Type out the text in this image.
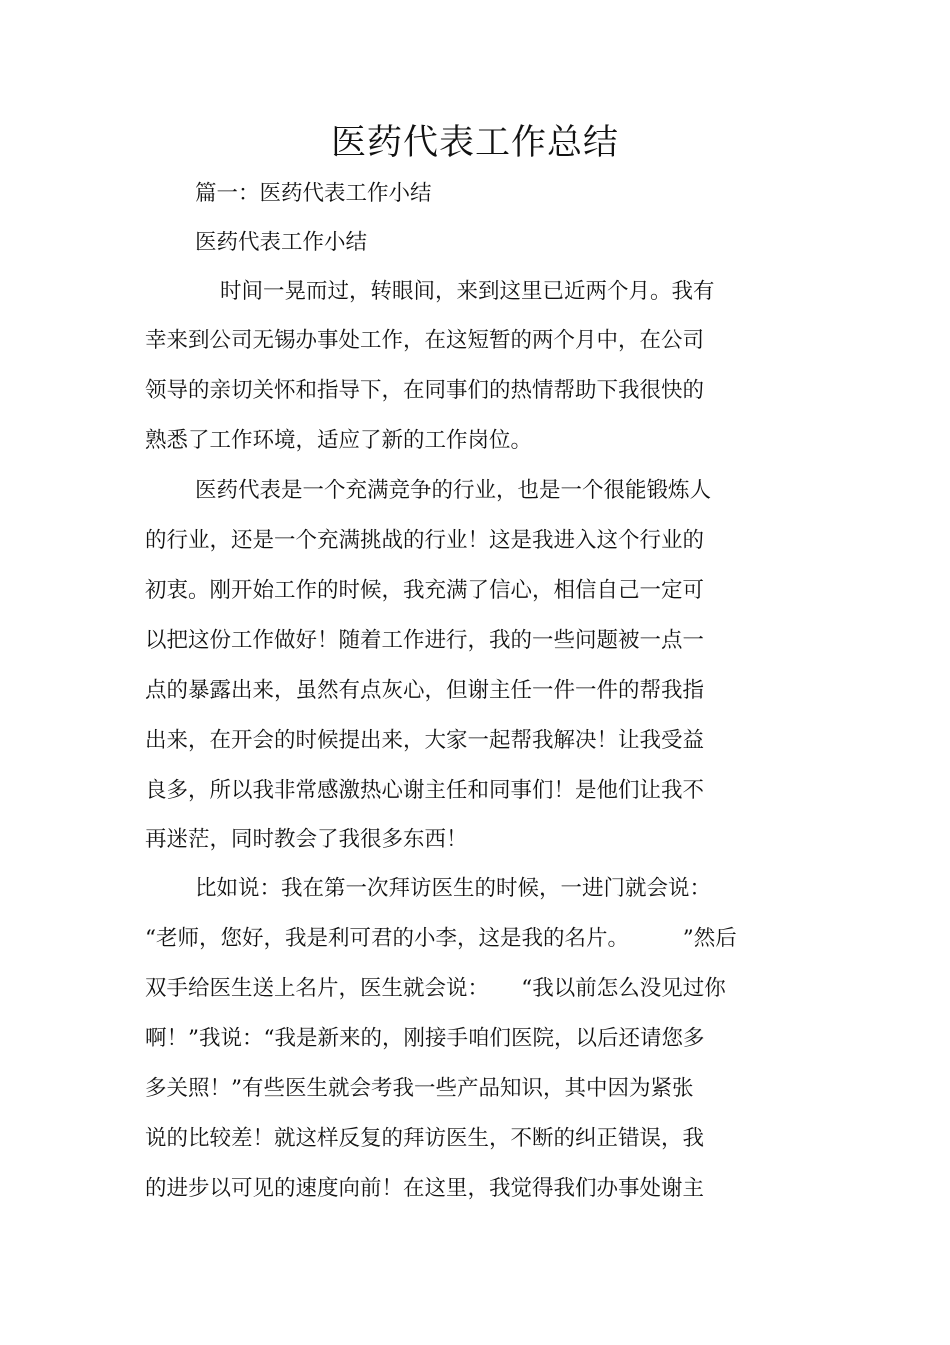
医药代表工作总结
篇一：医药代表工作小结
医药代表工作小结
时间一晃而过，转眼间，来到这里已近两个月。我有
幸来到公司无锡办事处工作，在这短暂的两个月中，在公司
领导的亲切关怀和指导下，在同事们的热情帮助下我很快的
熟悉了工作环境，适应了新的工作岗位。
医药代表是一个充满竞争的行业，也是一个很能锻炼人
的行业，还是一个充满挑战的行业！这是我进入这个行业的
初衷。刚开始工作的时候，我充满了信心，相信自己一定可
以把这份工作做好！随着工作进行，我的一些问题被一点一
点的暴露出来，虽然有点灰心，但谢主任一件一件的帮我指
出来，在开会的时候提出来，大家一起帮我解决！让我受益
良多，所以我非常感激热心谢主任和同事们！是他们让我不
再迷茫，同时教会了我很多东西！
比如说：我在第一次拜访医生的时候，一进门就会说：
“老师，您好，我是利可君的小李，这是我的名片。　　　”然后
双手给医生送上名片，医生就会说：　　“我以前怎么没见过你
啊！”我说：“我是新来的，刚接手咱们医院，以后还请您多
多关照！”有些医生就会考我一些产品知识，其中因为紧张
说的比较差！就这样反复的拜访医生，不断的纠正错误，我
的进步以可见的速度向前！在这里，我觉得我们办事处谢主
